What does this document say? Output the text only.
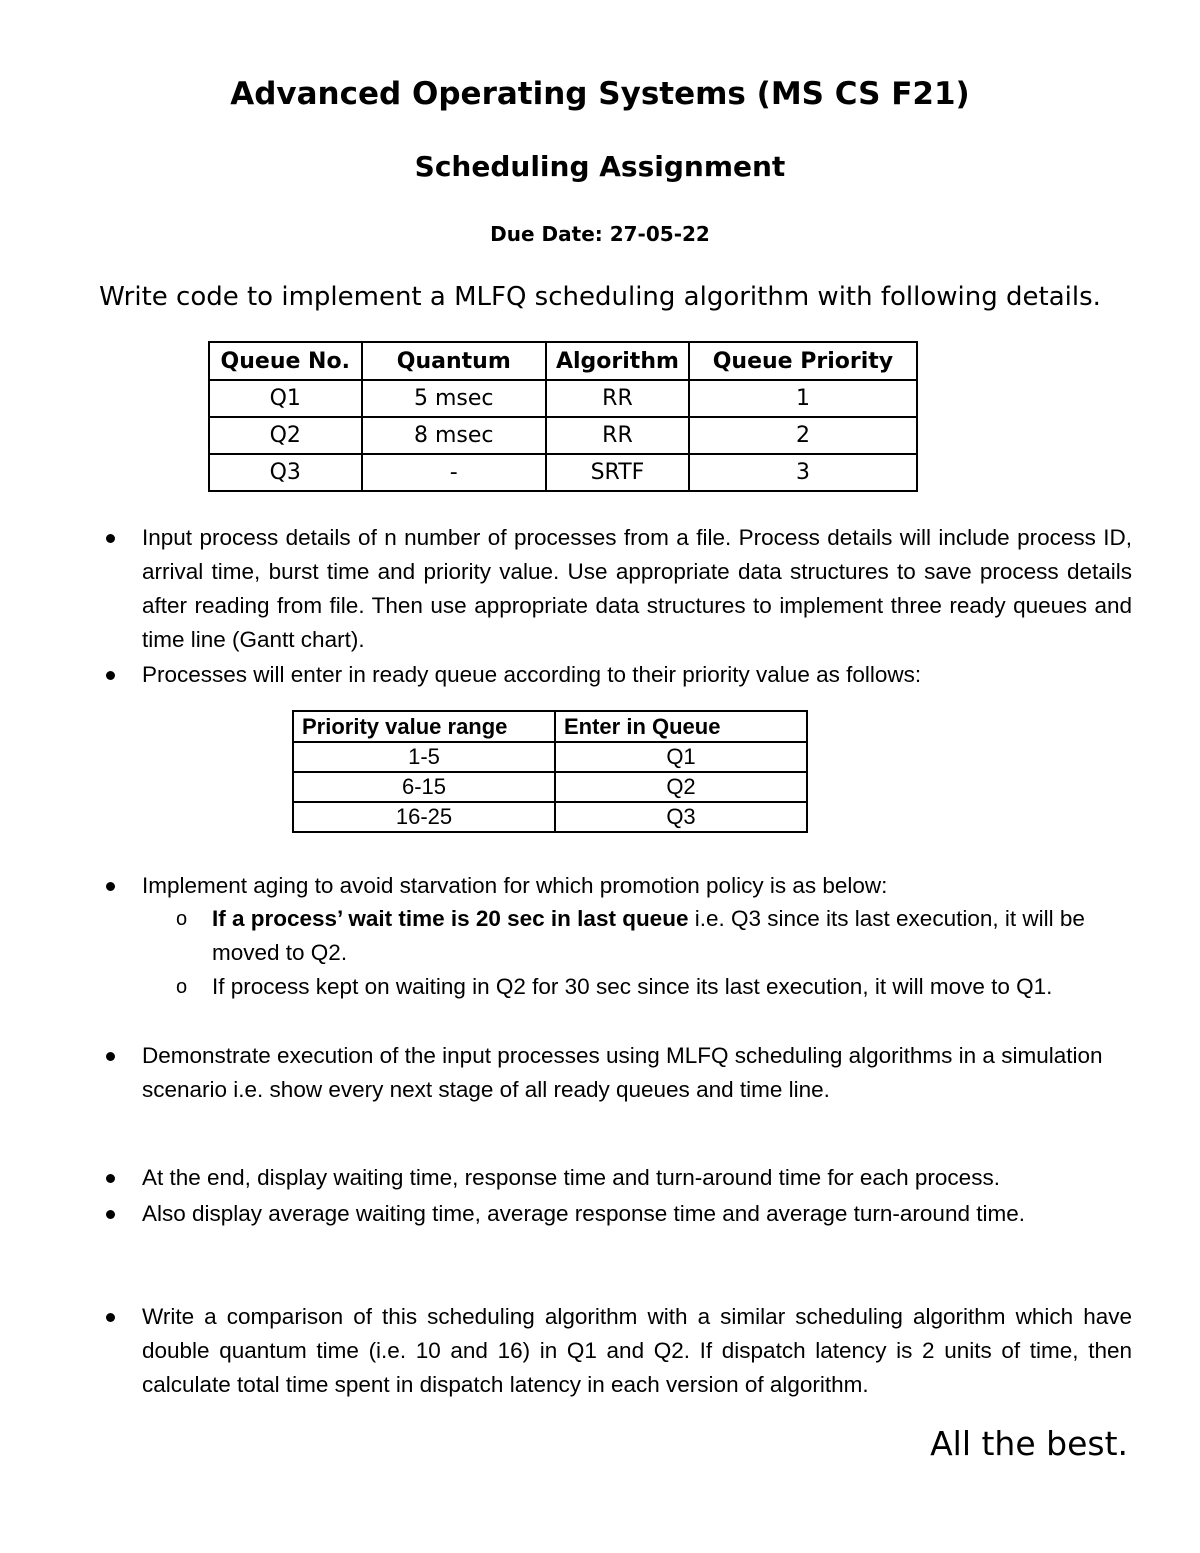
Advanced Operating Systems (MS CS F21)
Scheduling Assignment

Due Date: 27-05-22

Write code to implement a MLFQ scheduling algorithm with following details.

Queue No.	Quantum	Algorithm	Queue Priority
Q1	5 msec	RR	1
Q2	8 msec	RR	2
Q3	-	SRTF	3

Input process details of n number of processes from a file. Process details will include process ID, arrival time, burst time and priority value. Use appropriate data structures to save process details after reading from file. Then use appropriate data structures to implement three ready queues and time line (Gantt chart).

Processes will enter in ready queue according to their priority value as follows:

Implement aging to avoid starvation for which promotion policy is as below:

o If a process’ wait time is 20 sec in last queue i.e. Q3 since its last execution, it will be moved to Q2.

o If process kept on waiting in Q2 for 30 sec since its last execution, it will move to Q1.

Demonstrate execution of the input processes using MLFQ scheduling algorithms in a simulation scenario i.e. show every next stage of all ready queues and time line.

At the end, display waiting time, response time and turn-around time for each process.

Also display average waiting time, average response time and average turn-around time.

Write a comparison of this scheduling algorithm with a similar scheduling algorithm which have double quantum time (i.e. 10 and 16) in Q1 and Q2. If dispatch latency is 2 units of time, then calculate total time spent in dispatch latency in each version of algorithm.

Priority value range	Enter in Queue
1-5	Q1
6-15	Q2
16-25	Q3

All the best.
